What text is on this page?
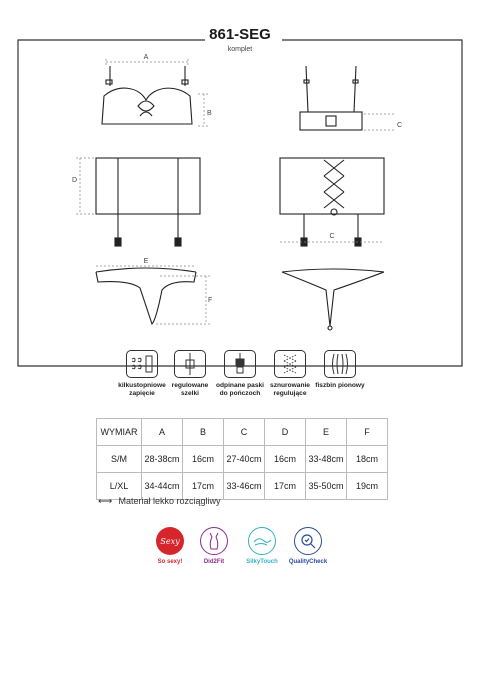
861-SEG
komplet
A
B
C
D
C
E
F
kilkustopniowe
zapięcie
regulowane
szelki
odpinane paski
do pończoch
sznurowanie
regulujące
fiszbin pionowy
WYMIAR	A	B	C	D	E	F
S/M	28-38cm	16cm	27-40cm	16cm	33-48cm	18cm
L/XL	34-44cm	17cm	33-46cm	17cm	35-50cm	19cm
⟷ Materiał lekko rozciągliwy
Sexy
So sexy!	Did2Fit	SilkyTouch	QualityCheck
